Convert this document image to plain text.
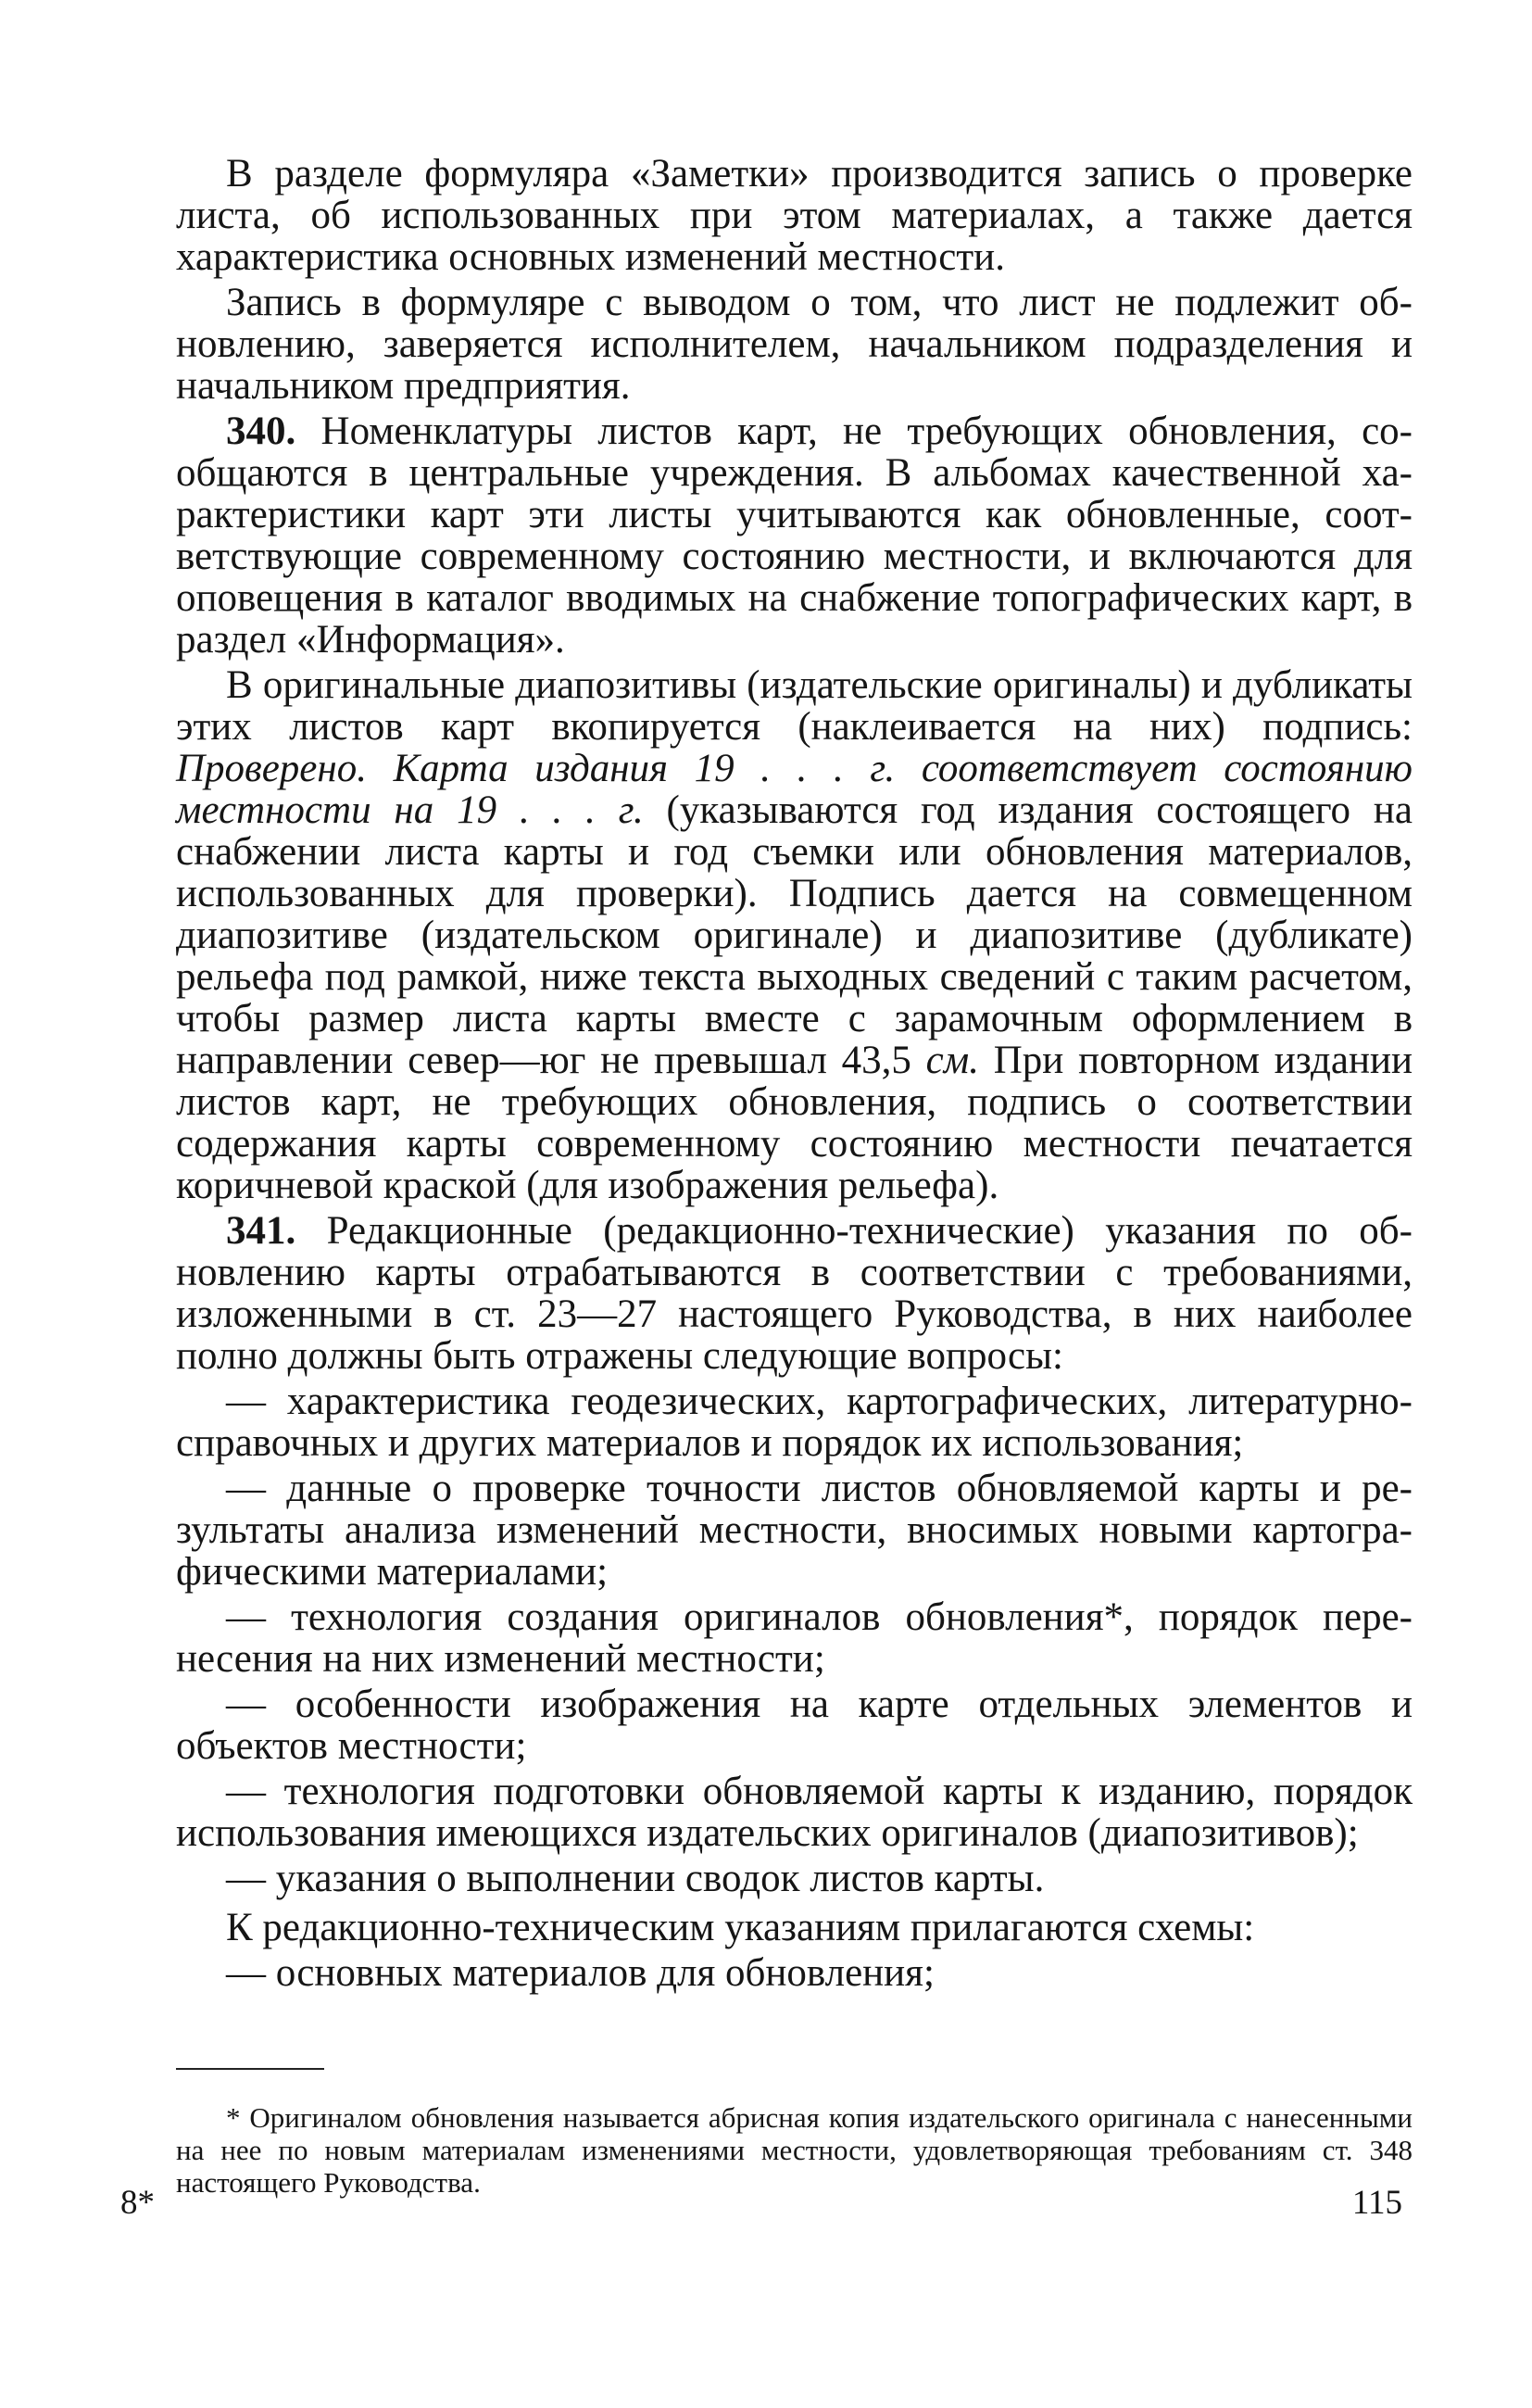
В разделе формуляра «Заметки» производится запись о проверке листа, об использованных при этом материалах, а также дается характеристика основных изменений местности.

Запись в формуляре с выводом о том, что лист не подлежит обновлению, заверяется исполнителем, начальником подразделения и начальником предприятия.

340. Номенклатуры листов карт, не требующих обновления, сообщаются в центральные учреждения. В альбомах качественной характеристики карт эти листы учитываются как обновленные, соответствующие современному состоянию местности, и включаются для оповещения в каталог вводимых на снабжение топографических карт, в раздел «Информация».

В оригинальные диапозитивы (издательские оригиналы) и дубликаты этих листов карт вкопируется (наклеивается на них) подпись: Проверено. Карта издания 19 . . . г. соответствует состоянию местности на 19 . . . г. (указываются год издания состоящего на снабжении листа карты и год съемки или обновления материалов, использованных для проверки). Подпись дается на совмещенном диапозитиве (издательском оригинале) и диапозитиве (дубликате) рельефа под рамкой, ниже текста выходных сведений с таким расчетом, чтобы размер листа карты вместе с зарамочным оформлением в направлении север—юг не превышал 43,5 см. При повторном издании листов карт, не требующих обновления, подпись о соответствии содержания карты современному состоянию местности печатается коричневой краской (для изображения рельефа).

341. Редакционные (редакционно-технические) указания по обновлению карты отрабатываются в соответствии с требованиями, изложенными в ст. 23—27 настоящего Руководства, в них наиболее полно должны быть отражены следующие вопросы:

— характеристика геодезических, картографических, литературно-справочных и других материалов и порядок их использования;
— данные о проверке точности листов обновляемой карты и результаты анализа изменений местности, вносимых новыми картографическими материалами;
— технология создания оригиналов обновления*, порядок перенесения на них изменений местности;
— особенности изображения на карте отдельных элементов и объектов местности;
— технология подготовки обновляемой карты к изданию, порядок использования имеющихся издательских оригиналов (диапозитивов);
— указания о выполнении сводок листов карты.

К редакционно-техническим указаниям прилагаются схемы:

— основных материалов для обновления;

* Оригиналом обновления называется абрисная копия издательского оригинала с нанесенными на нее по новым материалам изменениями местности, удовлетворяющая требованиям ст. 348 настоящего Руководства.

8*	115
